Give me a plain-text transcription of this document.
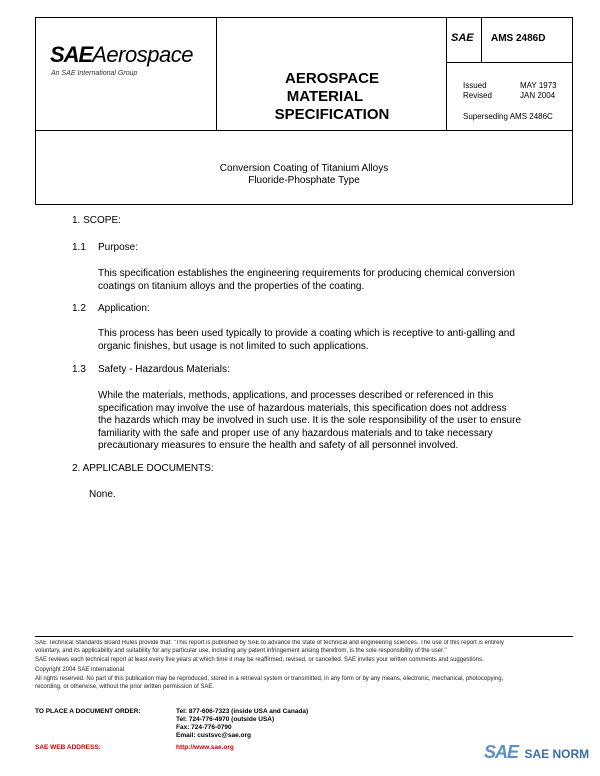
SAEAerospace
An SAE International Group	AEROSPACE
MATERIAL
SPECIFICATION
SAE AMS 2486D
Issued	MAY 1973
Revised	JAN 2004
Superseding AMS 2486C
Conversion Coating of Titanium Alloys
Fluoride-Phosphate Type
1. SCOPE:
1.1 Purpose:
This specification establishes the engineering requirements for producing chemical conversion
coatings on titanium alloys and the properties of the coating.
1.2 Application:
This process has been used typically to provide a coating which is receptive to anti-galling and
organic finishes, but usage is not limited to such applications.
1.3 Safety - Hazardous Materials:
While the materials, methods, applications, and processes described or referenced in this
specification may involve the use of hazardous materials, this specification does not address
the hazards which may be involved in such use. It is the sole responsibility of the user to ensure
familiarity with the safe and proper use of any hazardous materials and to take necessary
precautionary measures to ensure the health and safety of all personnel involved.
2. APPLICABLE DOCUMENTS:
None.
SAE Technical Standards Board Rules provide that: "This report is published by SAE to advance the state of technical and engineering sciences. The use of this report is entirely
voluntary, and its applicability and suitability for any particular use, including any patent infringement arising therefrom, is the sole responsibility of the user."
SAE reviews each technical report at least every five years at which time it may be reaffirmed, revised, or cancelled. SAE invites your written comments and suggestions.
Copyright 2004 SAE International
All rights reserved. No part of this publication may be reproduced, stored in a retrieval system or transmitted, in any form or by any means, electronic, mechanical, photocopying,
recording, or otherwise, without the prior written permission of SAE.
TO PLACE A DOCUMENT ORDER:	Tel: 877-606-7323 (inside USA and Canada)
Tel: 724-776-4970 (outside USA)
Fax: 724-776-0790
Email: custsvc@sae.org
SAE WEB ADDRESS:	http://www.sae.org	SAE SAE NORM
